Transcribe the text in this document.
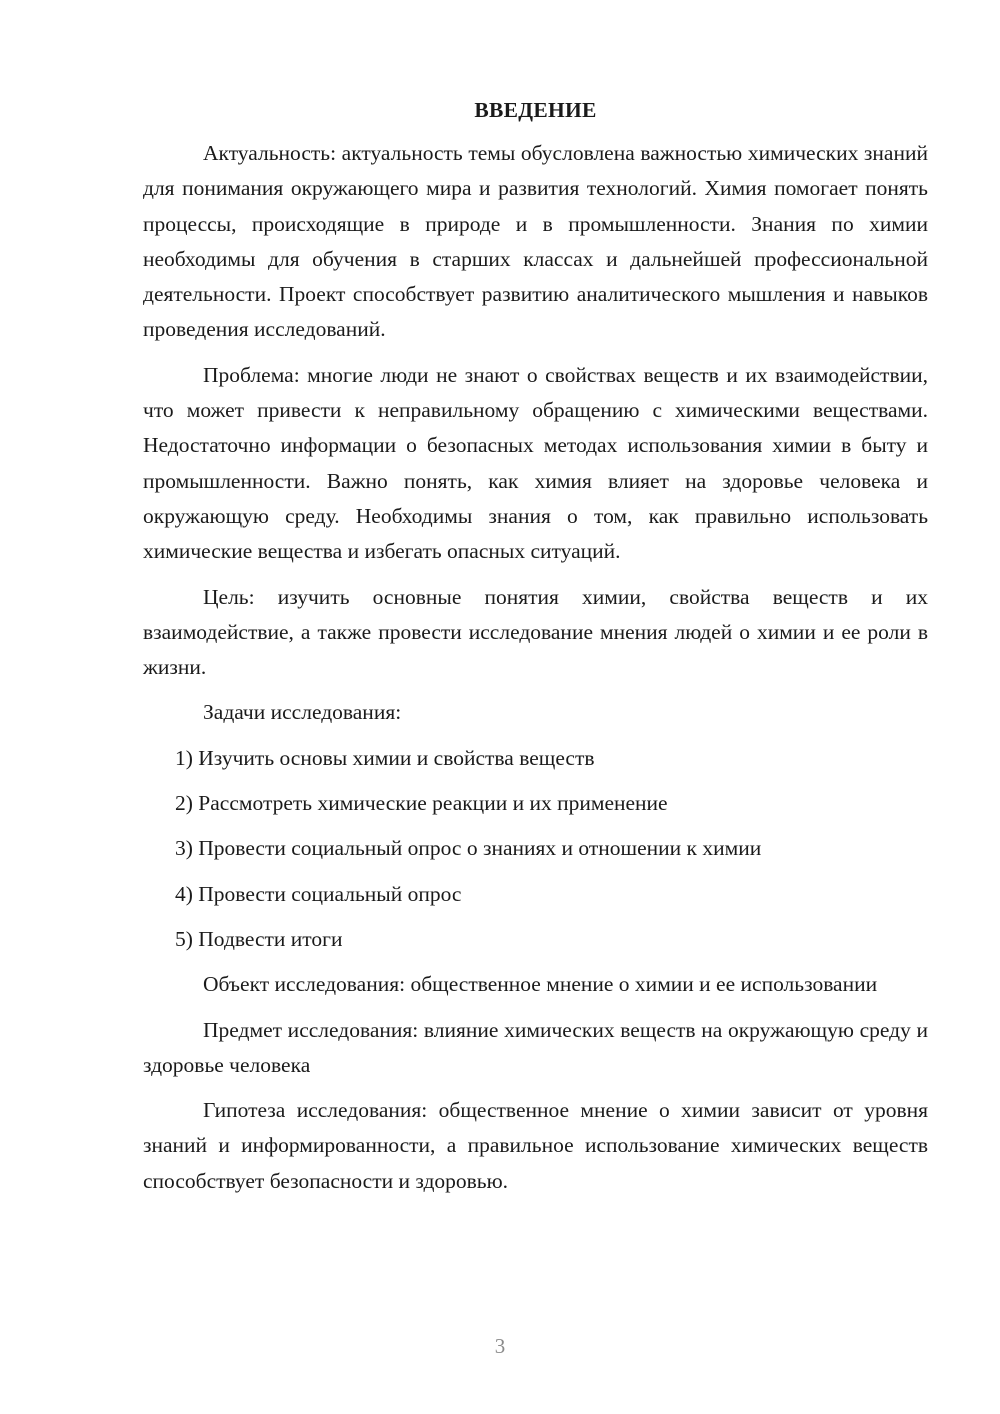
ВВЕДЕНИЕ

Актуальность: актуальность темы обусловлена важностью химических знаний для понимания окружающего мира и развития технологий. Химия помогает понять процессы, происходящие в природе и в промышленности. Знания по химии необходимы для обучения в старших классах и дальнейшей профессиональной деятельности. Проект способствует развитию аналитического мышления и навыков проведения исследований.

Проблема: многие люди не знают о свойствах веществ и их взаимодействии, что может привести к неправильному обращению с химическими веществами. Недостаточно информации о безопасных методах использования химии в быту и промышленности. Важно понять, как химия влияет на здоровье человека и окружающую среду. Необходимы знания о том, как правильно использовать химические вещества и избегать опасных ситуаций.

Цель: изучить основные понятия химии, свойства веществ и их взаимодействие, а также провести исследование мнения людей о химии и ее роли в жизни.

Задачи исследования:

1) Изучить основы химии и свойства веществ
2) Рассмотреть химические реакции и их применение
3) Провести социальный опрос о знаниях и отношении к химии
4) Провести социальный опрос
5) Подвести итоги

Объект исследования: общественное мнение о химии и ее использовании

Предмет исследования: влияние химических веществ на окружающую среду и здоровье человека

Гипотеза исследования: общественное мнение о химии зависит от уровня знаний и информированности, а правильное использование химических веществ способствует безопасности и здоровью.

3
